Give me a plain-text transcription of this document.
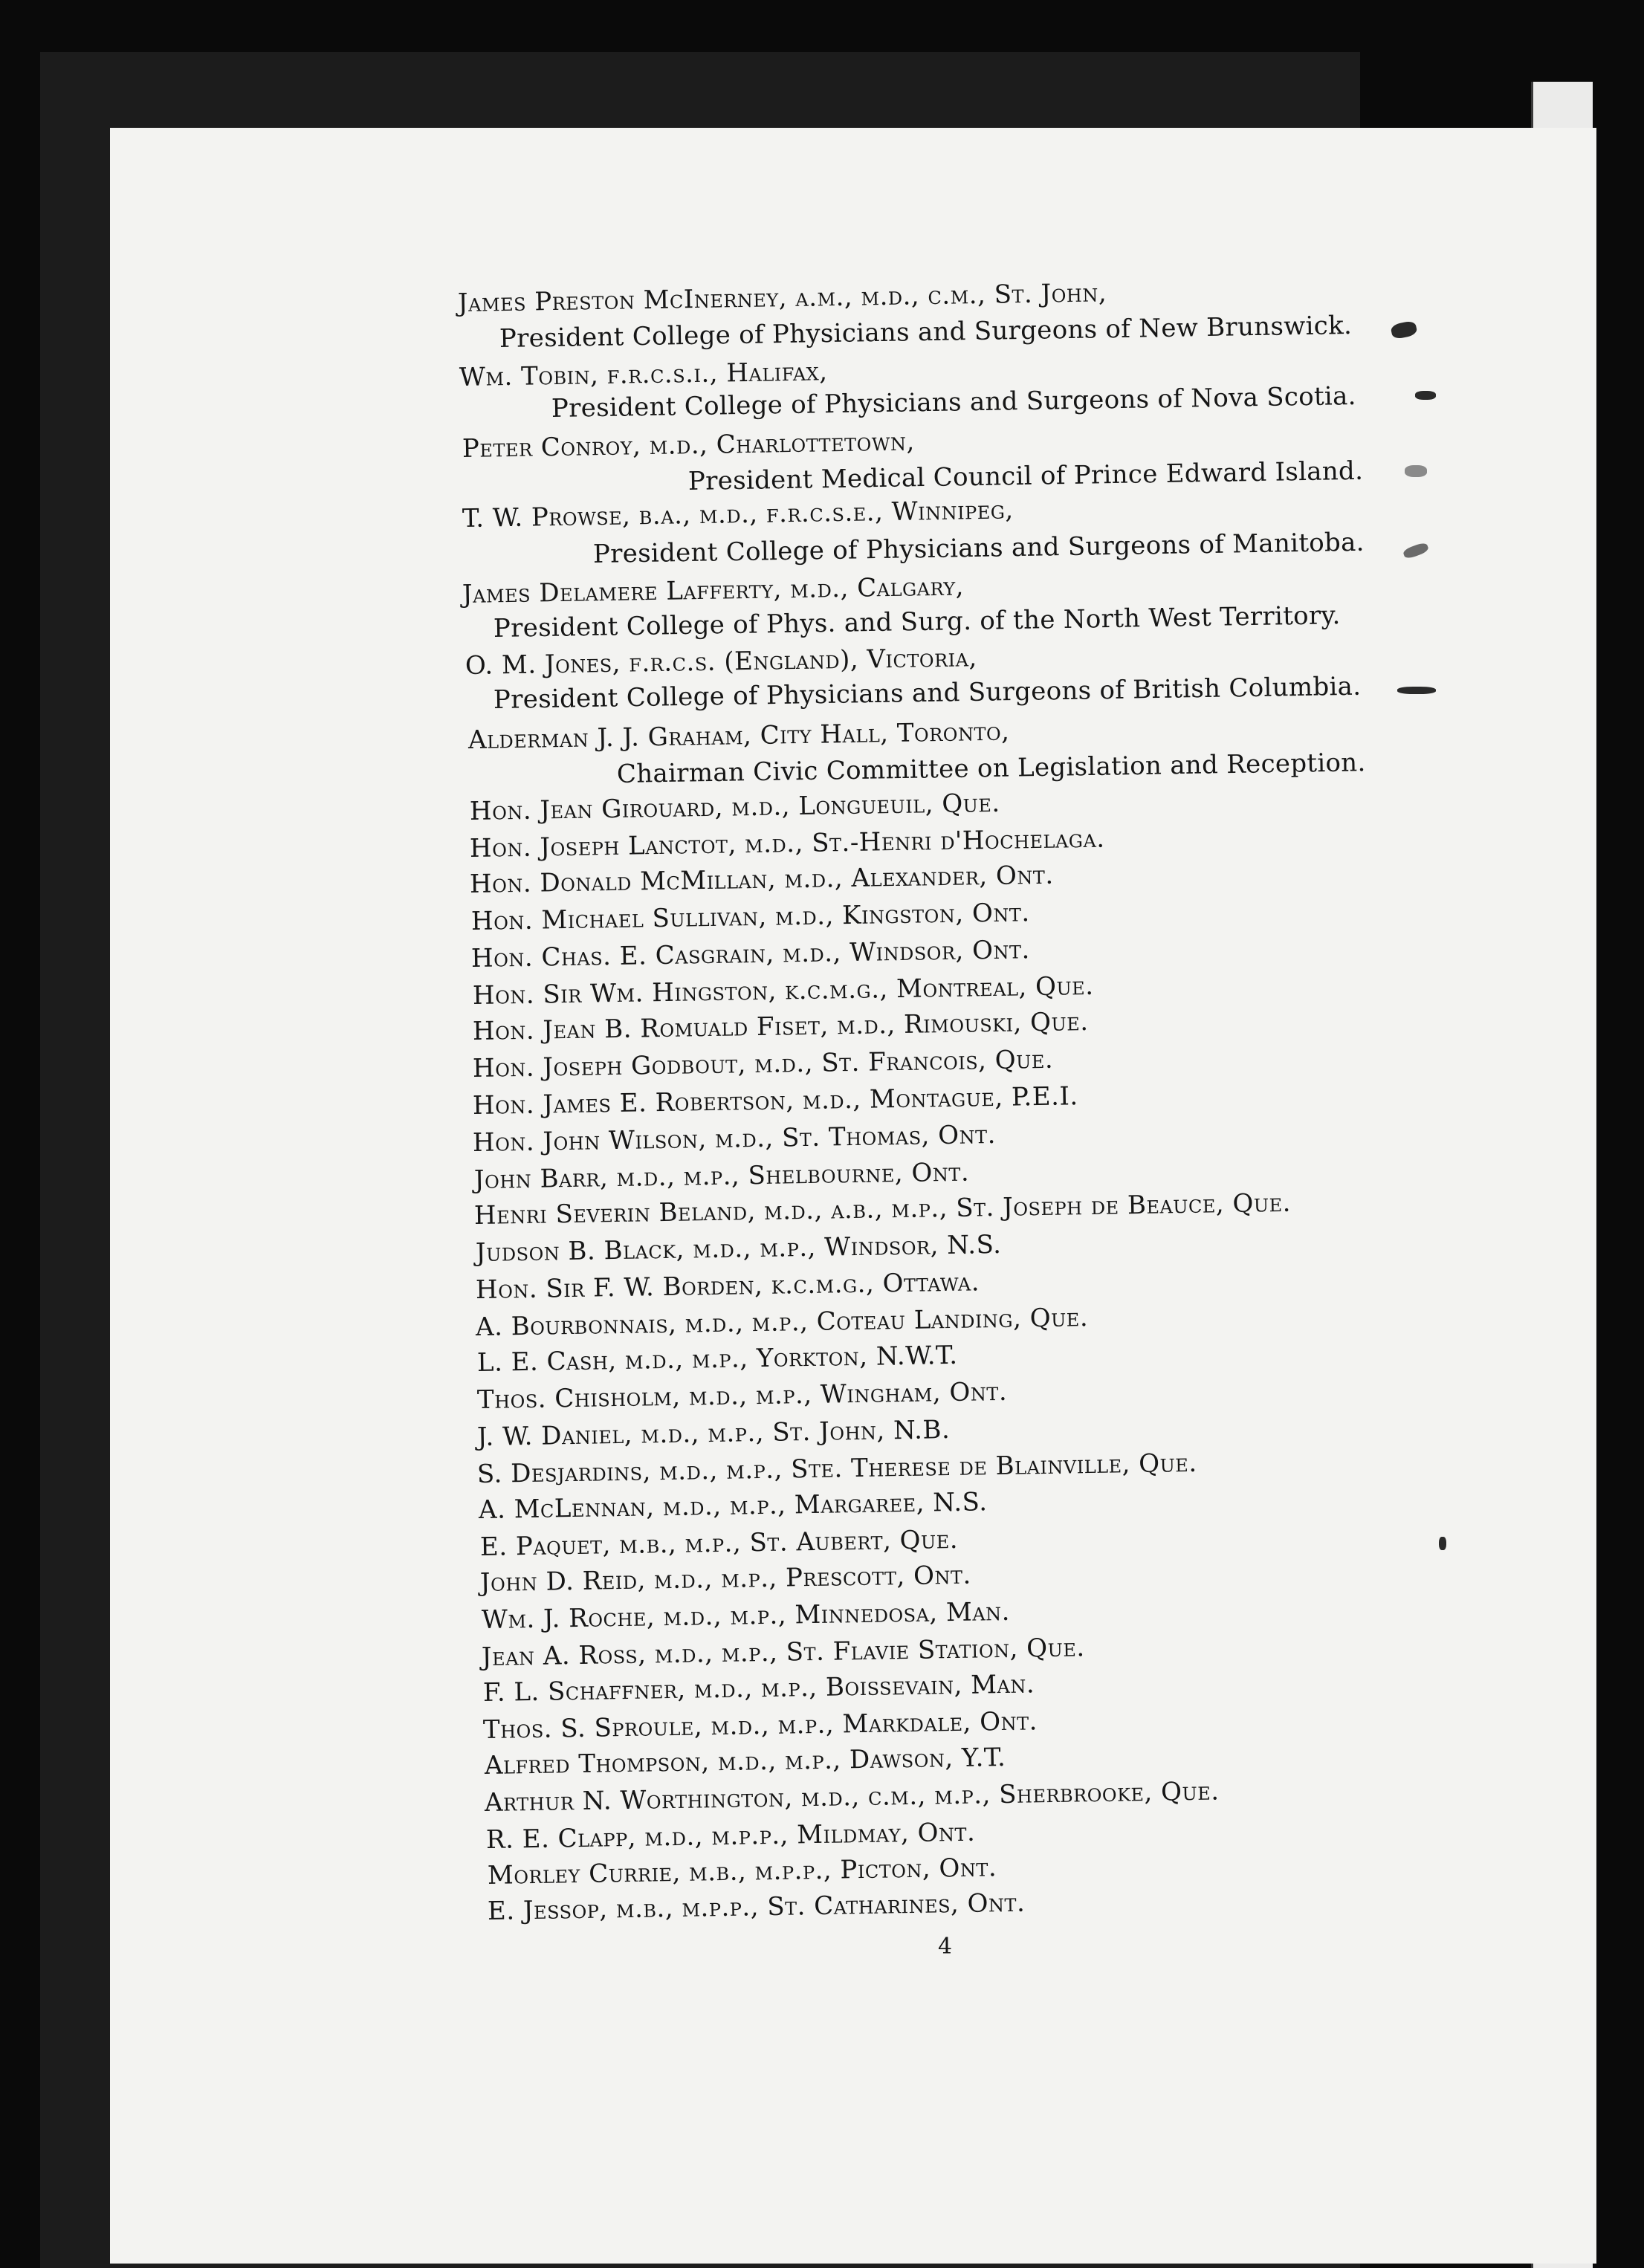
James Preston McInerney, a.m., m.d., c.m., St. John,
President College of Physicians and Surgeons of New Brunswick.
Wm. Tobin, f.r.c.s.i., Halifax,
President College of Physicians and Surgeons of Nova Scotia.
Peter Conroy, m.d., Charlottetown,
President Medical Council of Prince Edward Island.
T. W. Prowse, b.a., m.d., f.r.c.s.e., Winnipeg,
President College of Physicians and Surgeons of Manitoba.
James Delamere Lafferty, m.d., Calgary,
President College of Phys. and Surg. of the North West Territory.
O. M. Jones, f.r.c.s. (England), Victoria,
President College of Physicians and Surgeons of British Columbia.
Alderman J. J. Graham, City Hall, Toronto,
Chairman Civic Committee on Legislation and Reception.
Hon. Jean Girouard, m.d., Longueuil, Que.
Hon. Joseph Lanctot, m.d., St.-Henri d'Hochelaga.
Hon. Donald McMillan, m.d., Alexander, Ont.
Hon. Michael Sullivan, m.d., Kingston, Ont.
Hon. Chas. E. Casgrain, m.d., Windsor, Ont.
Hon. Sir Wm. Hingston, k.c.m.g., Montreal, Que.
Hon. Jean B. Romuald Fiset, m.d., Rimouski, Que.
Hon. Joseph Godbout, m.d., St. Francois, Que.
Hon. James E. Robertson, m.d., Montague, P.E.I.
Hon. John Wilson, m.d., St. Thomas, Ont.
John Barr, m.d., m.p., Shelbourne, Ont.
Henri Severin Beland, m.d., a.b., m.p., St. Joseph de Beauce, Que.
Judson B. Black, m.d., m.p., Windsor, N.S.
Hon. Sir F. W. Borden, k.c.m.g., Ottawa.
A. Bourbonnais, m.d., m.p., Coteau Landing, Que.
L. E. Cash, m.d., m.p., Yorkton, N.W.T.
Thos. Chisholm, m.d., m.p., Wingham, Ont.
J. W. Daniel, m.d., m.p., St. John, N.B.
S. Desjardins, m.d., m.p., Ste. Therese de Blainville, Que.
A. McLennan, m.d., m.p., Margaree, N.S.
E. Paquet, m.b., m.p., St. Aubert, Que.
John D. Reid, m.d., m.p., Prescott, Ont.
Wm. J. Roche, m.d., m.p., Minnedosa, Man.
Jean A. Ross, m.d., m.p., St. Flavie Station, Que.
F. L. Schaffner, m.d., m.p., Boissevain, Man.
Thos. S. Sproule, m.d., m.p., Markdale, Ont.
Alfred Thompson, m.d., m.p., Dawson, Y.T.
Arthur N. Worthington, m.d., c.m., m.p., Sherbrooke, Que.
R. E. Clapp, m.d., m.p.p., Mildmay, Ont.
Morley Currie, m.b., m.p.p., Picton, Ont.
E. Jessop, m.b., m.p.p., St. Catharines, Ont.
4
